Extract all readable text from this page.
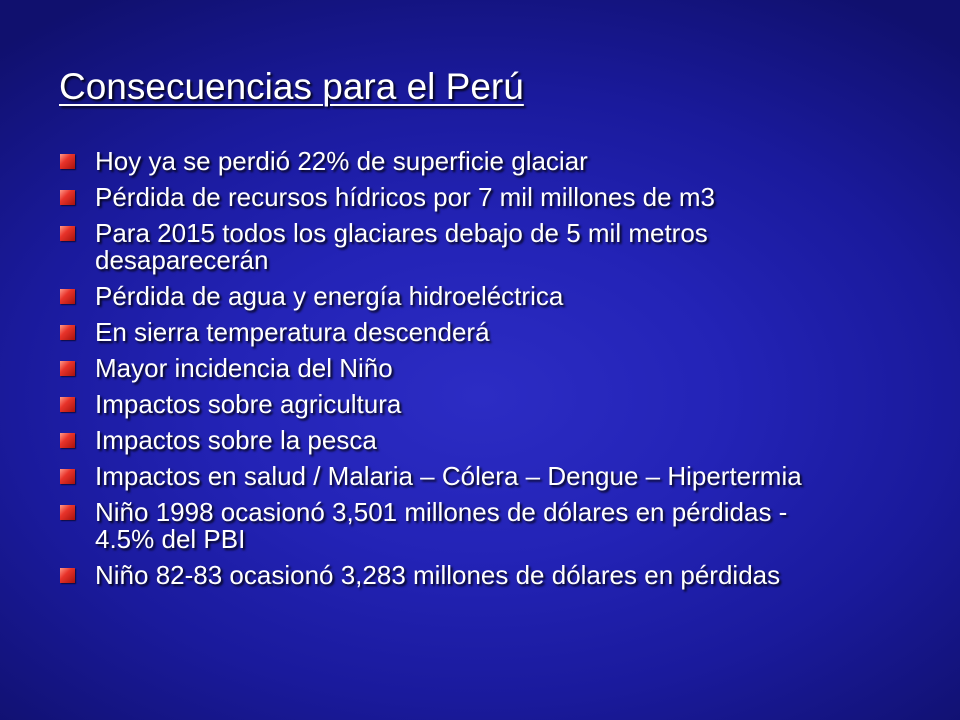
Consecuencias para el Perú
Hoy ya se perdió 22% de superficie glaciar
Pérdida de recursos hídricos por 7 mil millones de m3
Para 2015 todos los glaciares debajo de 5 mil metros desaparecerán
Pérdida de agua y energía hidroeléctrica
En sierra temperatura descenderá
Mayor incidencia del Niño
Impactos sobre agricultura
Impactos sobre la pesca
Impactos en salud / Malaria – Cólera – Dengue – Hipertermia
Niño 1998 ocasionó 3,501 millones de dólares en pérdidas - 4.5% del PBI
Niño 82-83 ocasionó 3,283 millones de dólares en pérdidas
